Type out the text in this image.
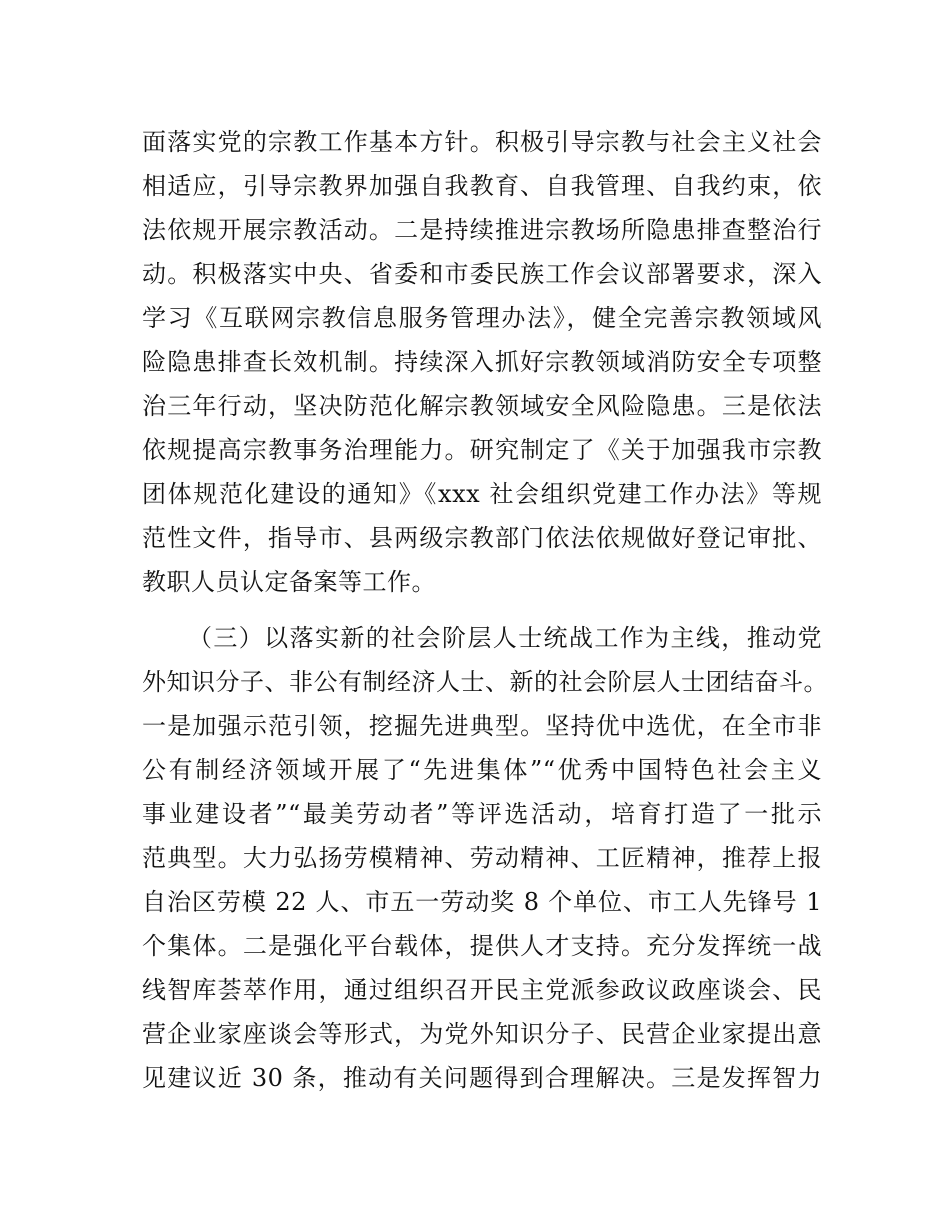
面落实党的宗教工作基本方针。积极引导宗教与社会主义社会
相适应，引导宗教界加强自我教育、自我管理、自我约束，依
法依规开展宗教活动。二是持续推进宗教场所隐患排查整治行
动。积极落实中央、省委和市委民族工作会议部署要求，深入
学习《互联网宗教信息服务管理办法》，健全完善宗教领域风
险隐患排查长效机制。持续深入抓好宗教领域消防安全专项整
治三年行动，坚决防范化解宗教领域安全风险隐患。三是依法
依规提高宗教事务治理能力。研究制定了《关于加强我市宗教
团体规范化建设的通知》《xxx 社会组织党建工作办法》等规
范性文件，指导市、县两级宗教部门依法依规做好登记审批、
教职人员认定备案等工作。
（三）以落实新的社会阶层人士统战工作为主线，推动党
外知识分子、非公有制经济人士、新的社会阶层人士团结奋斗。
一是加强示范引领，挖掘先进典型。坚持优中选优，在全市非
公有制经济领域开展了“先进集体”“优秀中国特色社会主义
事业建设者”“最美劳动者”等评选活动，培育打造了一批示
范典型。大力弘扬劳模精神、劳动精神、工匠精神，推荐上报
自治区劳模 22 人、市五一劳动奖 8 个单位、市工人先锋号 1
个集体。二是强化平台载体，提供人才支持。充分发挥统一战
线智库荟萃作用，通过组织召开民主党派参政议政座谈会、民
营企业家座谈会等形式，为党外知识分子、民营企业家提出意
见建议近 30 条，推动有关问题得到合理解决。三是发挥智力
